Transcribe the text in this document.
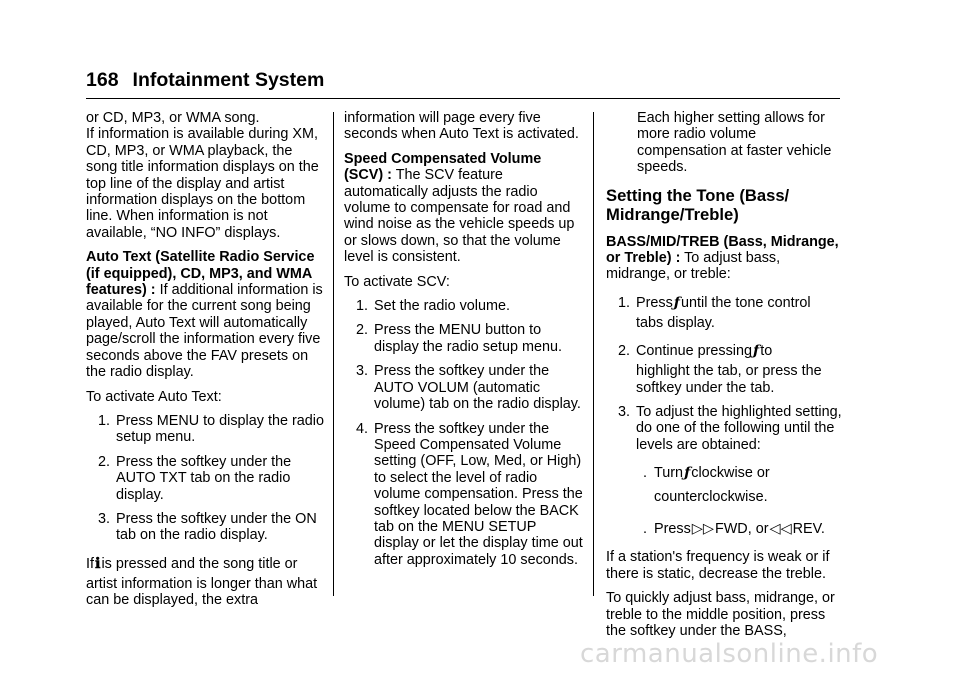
168 Infotainment System

or CD, MP3, or WMA song.

If information is available during XM, CD, MP3, or WMA playback, the song title information displays on the top line of the display and artist information displays on the bottom line. When information is not available, “NO INFO” displays.

Auto Text (Satellite Radio Service (if equipped), CD, MP3, and WMA features) : If additional information is available for the current song being played, Auto Text will automatically page/scroll the information every five seconds above the FAV presets on the radio display.

To activate Auto Text:

1. Press MENU to display the radio setup menu.
2. Press the softkey under the AUTO TXT tab on the radio display.
3. Press the softkey under the ON tab on the radio display.

Ifℹis pressed and the song title or

artist information is longer than what can be displayed, the extra

information will page every five seconds when Auto Text is activated.

Speed Compensated Volume (SCV) : The SCV feature automatically adjusts the radio volume to compensate for road and wind noise as the vehicle speeds up or slows down, so that the volume level is consistent.

To activate SCV:

1. Set the radio volume.
2. Press the MENU button to display the radio setup menu.
3. Press the softkey under the AUTO VOLUM (automatic volume) tab on the radio display.
4. Press the softkey under the Speed Compensated Volume setting (OFF, Low, Med, or High) to select the level of radio volume compensation. Press the softkey located below the BACK tab on the MENU SETUP display or let the display time out after approximately 10 seconds.
Each higher setting allows for more radio volume compensation at faster vehicle speeds.
Setting the Tone (Bass/ Midrange/Treble)

BASS/MID/TREB (Bass, Midrange, or Treble) : To adjust bass, midrange, or treble:

1. Pressƒuntil the tone control
tabs display.
2. Continue pressingƒto
highlight the tab, or press the softkey under the tab.
3. To adjust the highlighted setting, do one of the following until the levels are obtained:
. Turnƒclockwise or
counterclockwise.
. Press▷▷FWD, or◁◁REV.

If a station's frequency is weak or if there is static, decrease the treble.

To quickly adjust bass, midrange, or treble to the middle position, press the softkey under the BASS,

carmanualsonline.info
